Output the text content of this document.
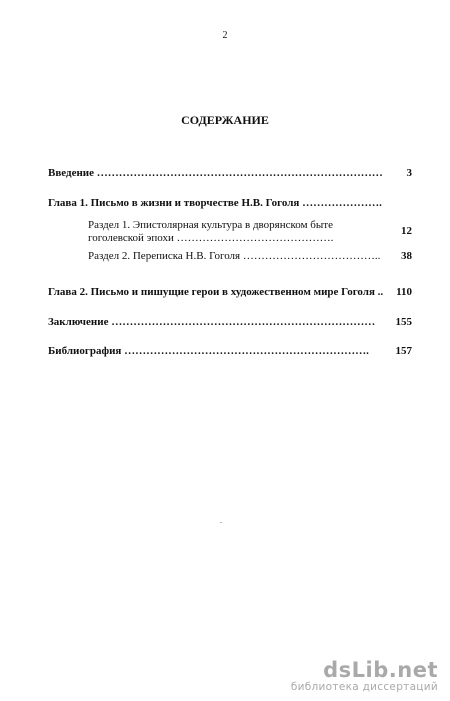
2
СОДЕРЖАНИЕ
Введение …………………………………………………………………… 3
Глава 1. Письмо в жизни и творчестве Н.В. Гоголя ………………….
Раздел 1. Эпистолярная культура в дворянском быте
гоголевской эпохи …………………………………….
12
Раздел 2. Переписка Н.В. Гоголя ……………………………….. 38
Глава 2. Письмо и пишущие герои в художественном мире Гоголя .. 110
Заключение ……………………………………………………………… 155
Библиография …………………………………………………………. 157
dsLib.net
библиотека диссертаций
